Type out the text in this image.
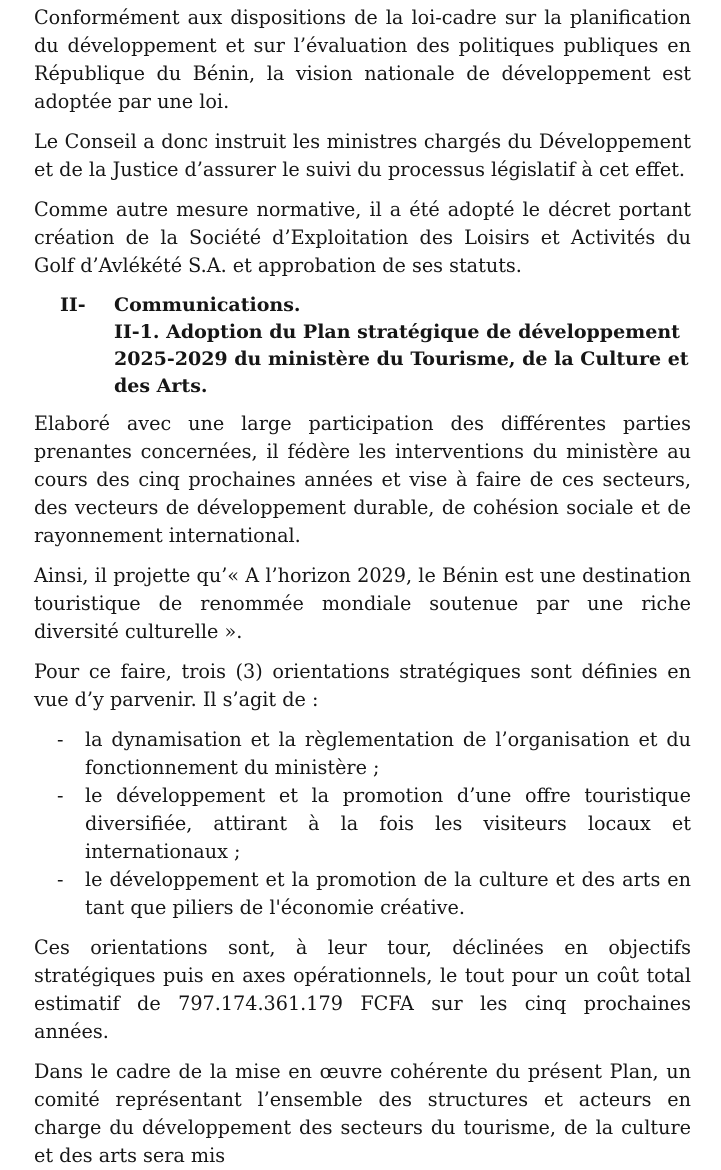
Conformément aux dispositions de la loi-cadre sur la planification du développement et sur l’évaluation des politiques publiques en République du Bénin, la vision nationale de développement est adoptée par une loi.

Le Conseil a donc instruit les ministres chargés du Développement et de la Justice d’assurer le suivi du processus législatif à cet effet.

Comme autre mesure normative, il a été adopté le décret portant création de la Société d’Exploitation des Loisirs et Activités du Golf d’Avlékété S.A. et approbation de ses statuts.

II-	Communications.
II-1. Adoption du Plan stratégique de développement 2025-2029 du ministère du Tourisme, de la Culture et des Arts.

Elaboré avec une large participation des différentes parties prenantes concernées, il fédère les interventions du ministère au cours des cinq prochaines années et vise à faire de ces secteurs, des vecteurs de développement durable, de cohésion sociale et de rayonnement international.

Ainsi, il projette qu’« A l’horizon 2029, le Bénin est une destination touristique de renommée mondiale soutenue par une riche diversité culturelle ».

Pour ce faire, trois (3) orientations stratégiques sont définies en vue d’y parvenir. Il s’agit de :

-	la dynamisation et la règlementation de l’organisation et du fonctionnement du ministère ;
-	le développement et la promotion d’une offre touristique diversifiée, attirant à la fois les visiteurs locaux et internationaux ;
-	le développement et la promotion de la culture et des arts en tant que piliers de l'économie créative.

Ces orientations sont, à leur tour, déclinées en objectifs stratégiques puis en axes opérationnels, le tout pour un coût total estimatif de 797.174.361.179 FCFA sur les cinq prochaines années.

Dans le cadre de la mise en œuvre cohérente du présent Plan, un comité représentant l’ensemble des structures et acteurs en charge du développement des secteurs du tourisme, de la culture et des arts sera mis
